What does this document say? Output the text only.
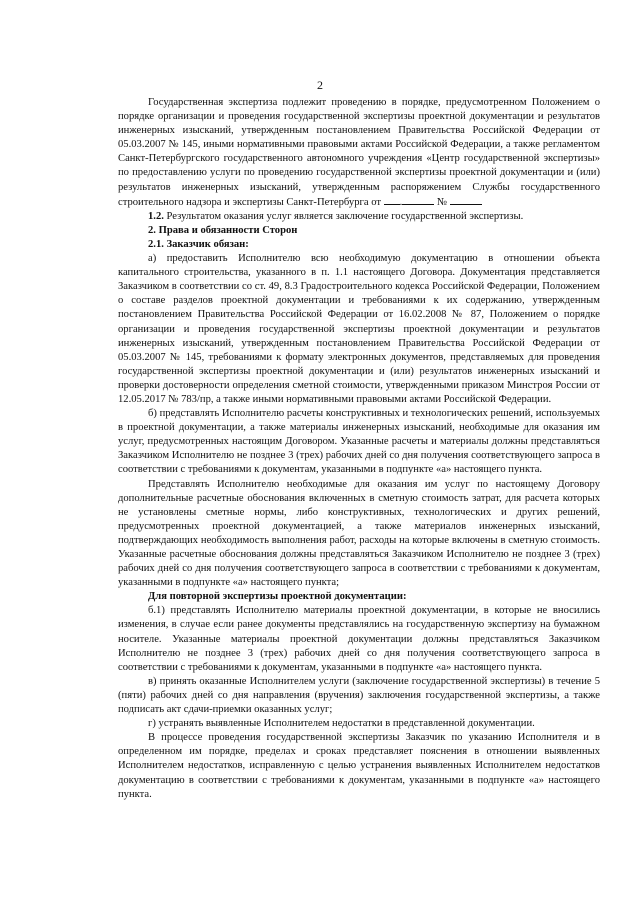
2

Государственная экспертиза подлежит проведению в порядке, предусмотренном Положением о порядке организации и проведения государственной экспертизы проектной документации и результатов инженерных изысканий, утвержденным постановлением Правительства Российской Федерации от 05.03.2007 № 145, иными нормативными правовыми актами Российской Федерации, а также регламентом Санкт-Петербургского государственного автономного учреждения «Центр государственной экспертизы» по предоставлению услуги по проведению государственной экспертизы проектной документации и (или) результатов инженерных изысканий, утвержденным распоряжением Службы государственного строительного надзора и экспертизы Санкт-Петербурга от .	№

1.2. Результатом оказания услуг является заключение государственной экспертизы.

2. Права и обязанности Сторон

2.1. Заказчик обязан:

а) предоставить Исполнителю всю необходимую документацию в отношении объекта капитального строительства, указанного в п. 1.1 настоящего Договора. Документация представляется Заказчиком в соответствии со ст. 49, 8.3 Градостроительного кодекса Российской Федерации, Положением о составе разделов проектной документации и требованиями к их содержанию, утвержденным постановлением Правительства Российской Федерации от 16.02.2008 № 87, Положением о порядке организации и проведения государственной экспертизы проектной документации и результатов инженерных изысканий, утвержденным постановлением Правительства Российской Федерации от 05.03.2007 № 145, требованиями к формату электронных документов, представляемых для проведения государственной экспертизы проектной документации и (или) результатов инженерных изысканий и проверки достоверности определения сметной стоимости, утвержденными приказом Минстроя России от 12.05.2017 № 783/пр, а также иными нормативными правовыми актами Российской Федерации.

б) представлять Исполнителю расчеты конструктивных и технологических решений, используемых в проектной документации, а также материалы инженерных изысканий, необходимые для оказания им услуг, предусмотренных настоящим Договором. Указанные расчеты и материалы должны представляться Заказчиком Исполнителю не позднее 3 (трех) рабочих дней со дня получения соответствующего запроса в соответствии с требованиями к документам, указанными в подпункте «а» настоящего пункта.

Представлять Исполнителю необходимые для оказания им услуг по настоящему Договору дополнительные расчетные обоснования включенных в сметную стоимость затрат, для расчета которых не установлены сметные нормы, либо конструктивных, технологических и других решений, предусмотренных проектной документацией, а также материалов инженерных изысканий, подтверждающих необходимость выполнения работ, расходы на которые включены в сметную стоимость. Указанные расчетные обоснования должны представляться Заказчиком Исполнителю не позднее 3 (трех) рабочих дней со дня получения соответствующего запроса в соответствии с требованиями к документам, указанными в подпункте «а» настоящего пункта;

Для повторной экспертизы проектной документации:

б.1) представлять Исполнителю материалы проектной документации, в которые не вносились изменения, в случае если ранее документы представлялись на государственную экспертизу на бумажном носителе. Указанные материалы проектной документации должны представляться Заказчиком Исполнителю не позднее 3 (трех) рабочих дней со дня получения соответствующего запроса в соответствии с требованиями к документам, указанными в подпункте «а» настоящего пункта.

в) принять оказанные Исполнителем услуги (заключение государственной экспертизы) в течение 5 (пяти) рабочих дней со дня направления (вручения) заключения государственной экспертизы, а также подписать акт сдачи-приемки оказанных услуг;

г) устранять выявленные Исполнителем недостатки в представленной документации.

В процессе проведения государственной экспертизы Заказчик по указанию Исполнителя и в определенном им порядке, пределах и сроках представляет пояснения в отношении выявленных Исполнителем недостатков, исправленную с целью устранения выявленных Исполнителем недостатков документацию в соответствии с требованиями к документам, указанными в подпункте «а» настоящего пункта.
